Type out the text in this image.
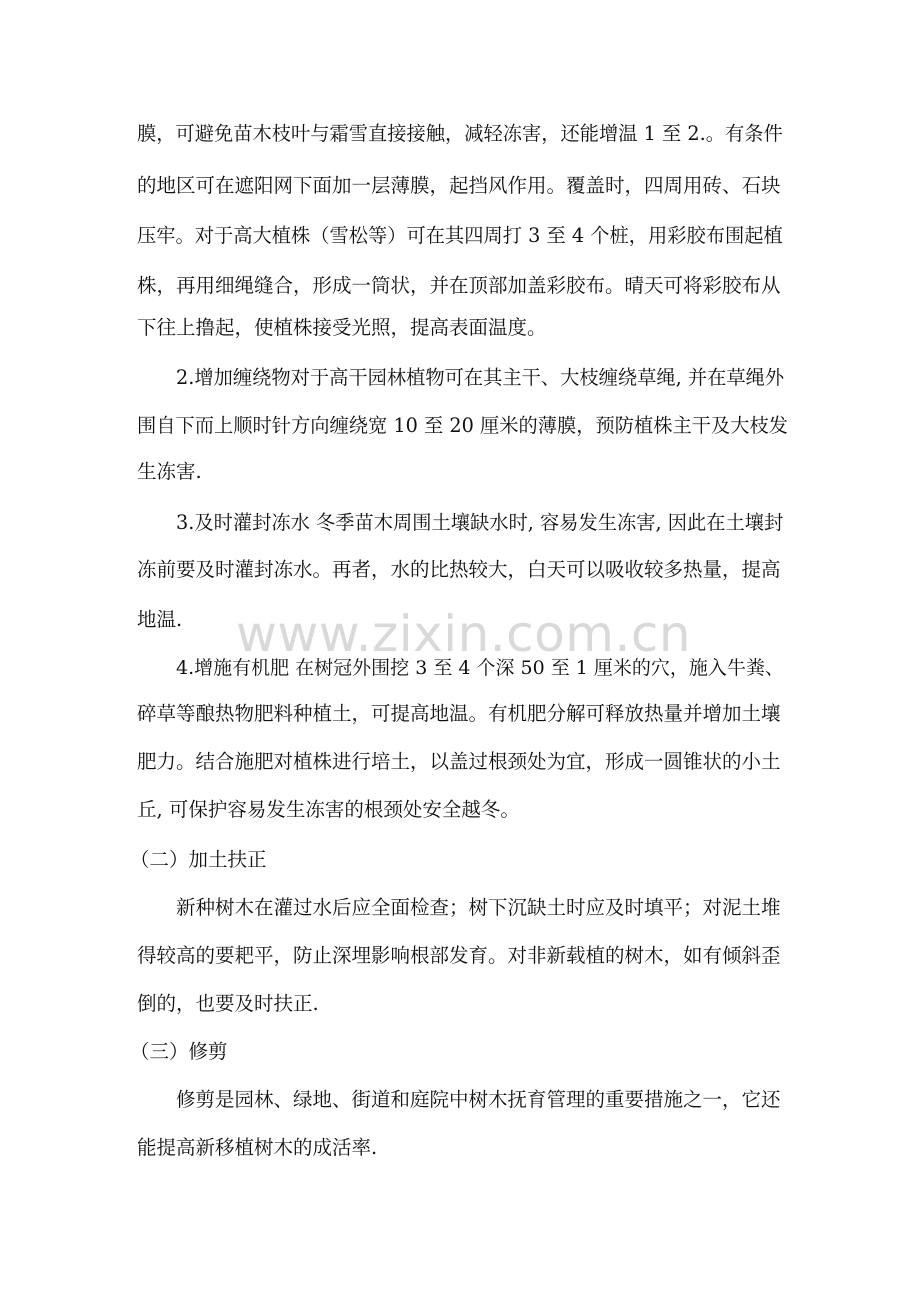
膜，可避免苗木枝叶与霜雪直接接触，减轻冻害，还能增温 1 至 2.。有条件
的地区可在遮阳网下面加一层薄膜，起挡风作用。覆盖时，四周用砖、石块
压牢。对于高大植株（雪松等）可在其四周打 3 至 4 个桩，用彩胶布围起植
株，再用细绳缝合，形成一筒状，并在顶部加盖彩胶布。晴天可将彩胶布从
下往上撸起，使植株接受光照，提高表面温度。
2.增加缠绕物对于高干园林植物可在其主干、大枝缠绕草绳, 并在草绳外
围自下而上顺时针方向缠绕宽 10 至 20 厘米的薄膜，预防植株主干及大枝发
生冻害.
3.及时灌封冻水 冬季苗木周围土壤缺水时, 容易发生冻害, 因此在土壤封
冻前要及时灌封冻水。再者，水的比热较大，白天可以吸收较多热量，提高
地温.
4.增施有机肥 在树冠外围挖 3 至 4 个深 50 至 1 厘米的穴，施入牛粪、
碎草等酿热物肥料种植土，可提高地温。有机肥分解可释放热量并增加土壤
肥力。结合施肥对植株进行培土，以盖过根颈处为宜，形成一圆锥状的小土
丘, 可保护容易发生冻害的根颈处安全越冬。
（二）加土扶正
新种树木在灌过水后应全面检查；树下沉缺土时应及时填平；对泥土堆
得较高的要耙平，防止深埋影响根部发育。对非新载植的树木，如有倾斜歪
倒的，也要及时扶正.
（三）修剪
修剪是园林、绿地、街道和庭院中树木抚育管理的重要措施之一，它还
能提高新移植树木的成活率.
www.zixin.com.cn
